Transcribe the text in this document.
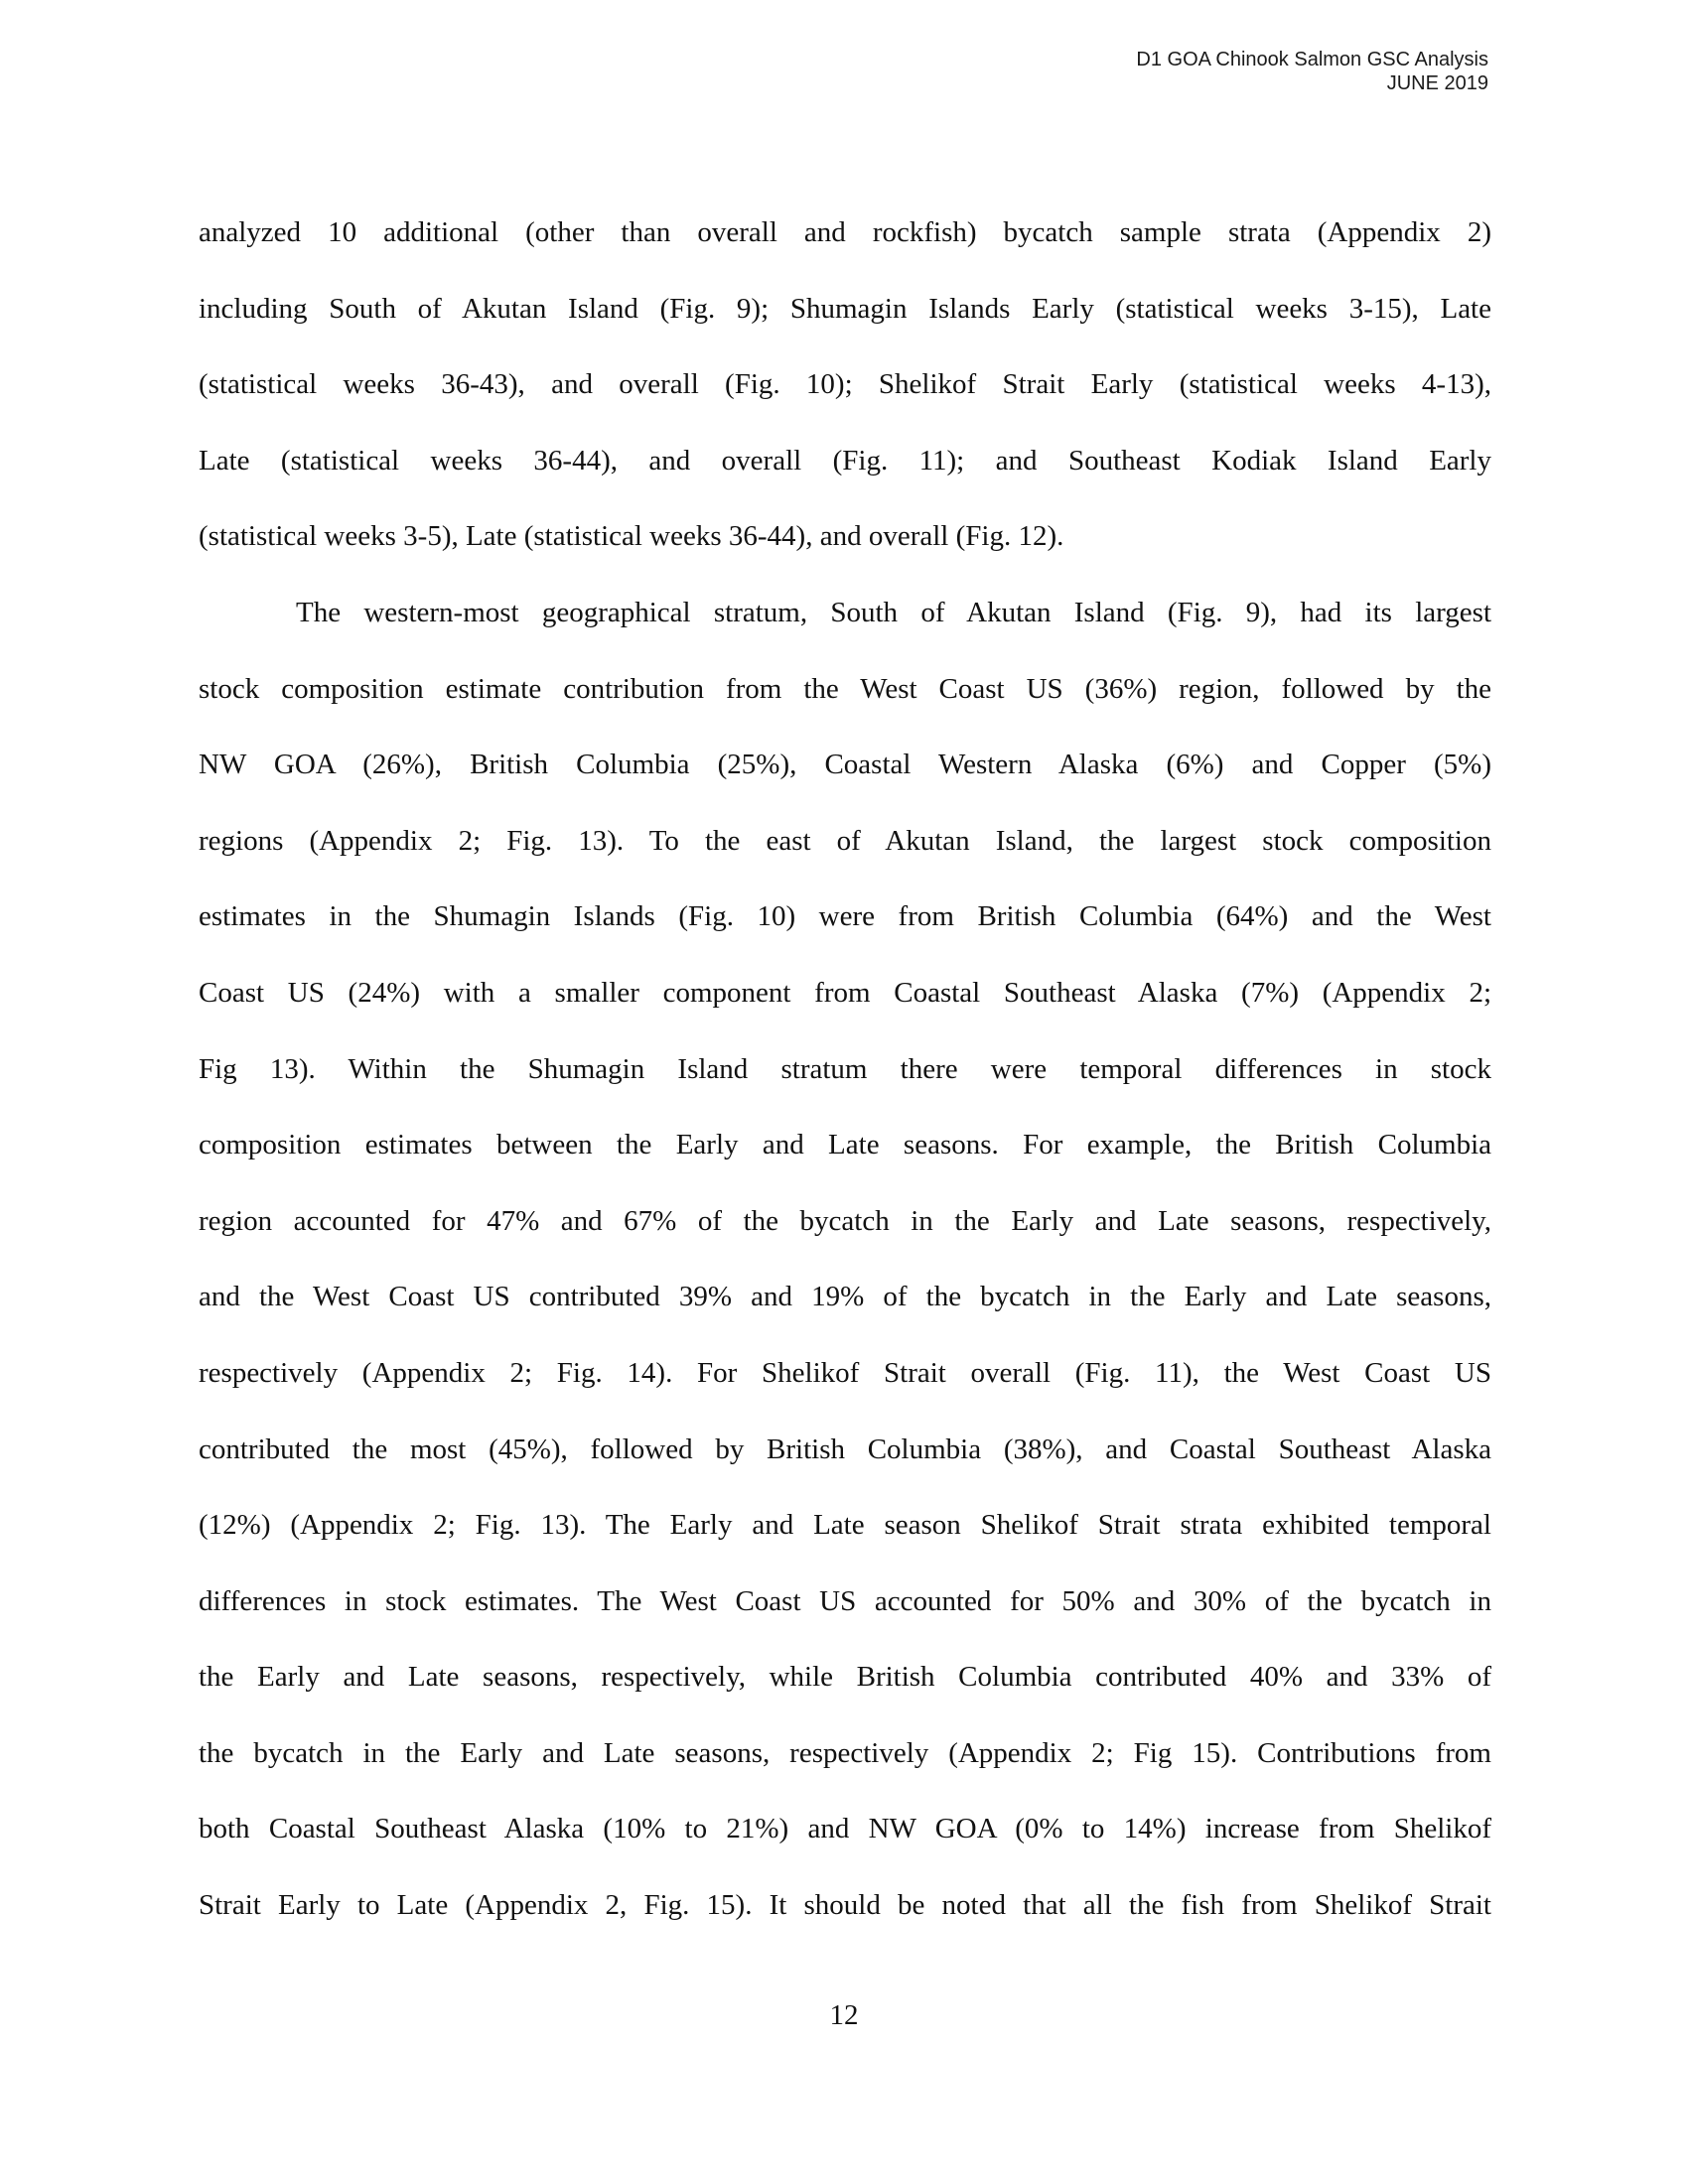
D1 GOA Chinook Salmon GSC Analysis
JUNE 2019
analyzed 10 additional (other than overall and rockfish) bycatch sample strata (Appendix 2)
including South of Akutan Island (Fig. 9); Shumagin Islands Early (statistical weeks 3-15), Late
(statistical weeks 36-43), and overall (Fig. 10); Shelikof Strait Early (statistical weeks 4-13),
Late (statistical weeks 36-44), and overall (Fig. 11); and Southeast Kodiak Island Early
(statistical weeks 3-5), Late (statistical weeks 36-44), and overall (Fig. 12).
The western-most geographical stratum, South of Akutan Island (Fig. 9), had its largest
stock composition estimate contribution from the West Coast US (36%) region, followed by the
NW GOA (26%), British Columbia (25%), Coastal Western Alaska (6%) and Copper (5%)
regions (Appendix 2; Fig. 13). To the east of Akutan Island, the largest stock composition
estimates in the Shumagin Islands (Fig. 10) were from British Columbia (64%) and the West
Coast US (24%) with a smaller component from Coastal Southeast Alaska (7%) (Appendix 2;
Fig 13). Within the Shumagin Island stratum there were temporal differences in stock
composition estimates between the Early and Late seasons. For example, the British Columbia
region accounted for 47% and 67% of the bycatch in the Early and Late seasons, respectively,
and the West Coast US contributed 39% and 19% of the bycatch in the Early and Late seasons,
respectively (Appendix 2; Fig. 14). For Shelikof Strait overall (Fig. 11), the West Coast US
contributed the most (45%), followed by British Columbia (38%), and Coastal Southeast Alaska
(12%) (Appendix 2; Fig. 13). The Early and Late season Shelikof Strait strata exhibited temporal
differences in stock estimates. The West Coast US accounted for 50% and 30% of the bycatch in
the Early and Late seasons, respectively, while British Columbia contributed 40% and 33% of
the bycatch in the Early and Late seasons, respectively (Appendix 2; Fig 15). Contributions from
both Coastal Southeast Alaska (10% to 21%) and NW GOA (0% to 14%) increase from Shelikof
Strait Early to Late (Appendix 2, Fig. 15). It should be noted that all the fish from Shelikof Strait
12
